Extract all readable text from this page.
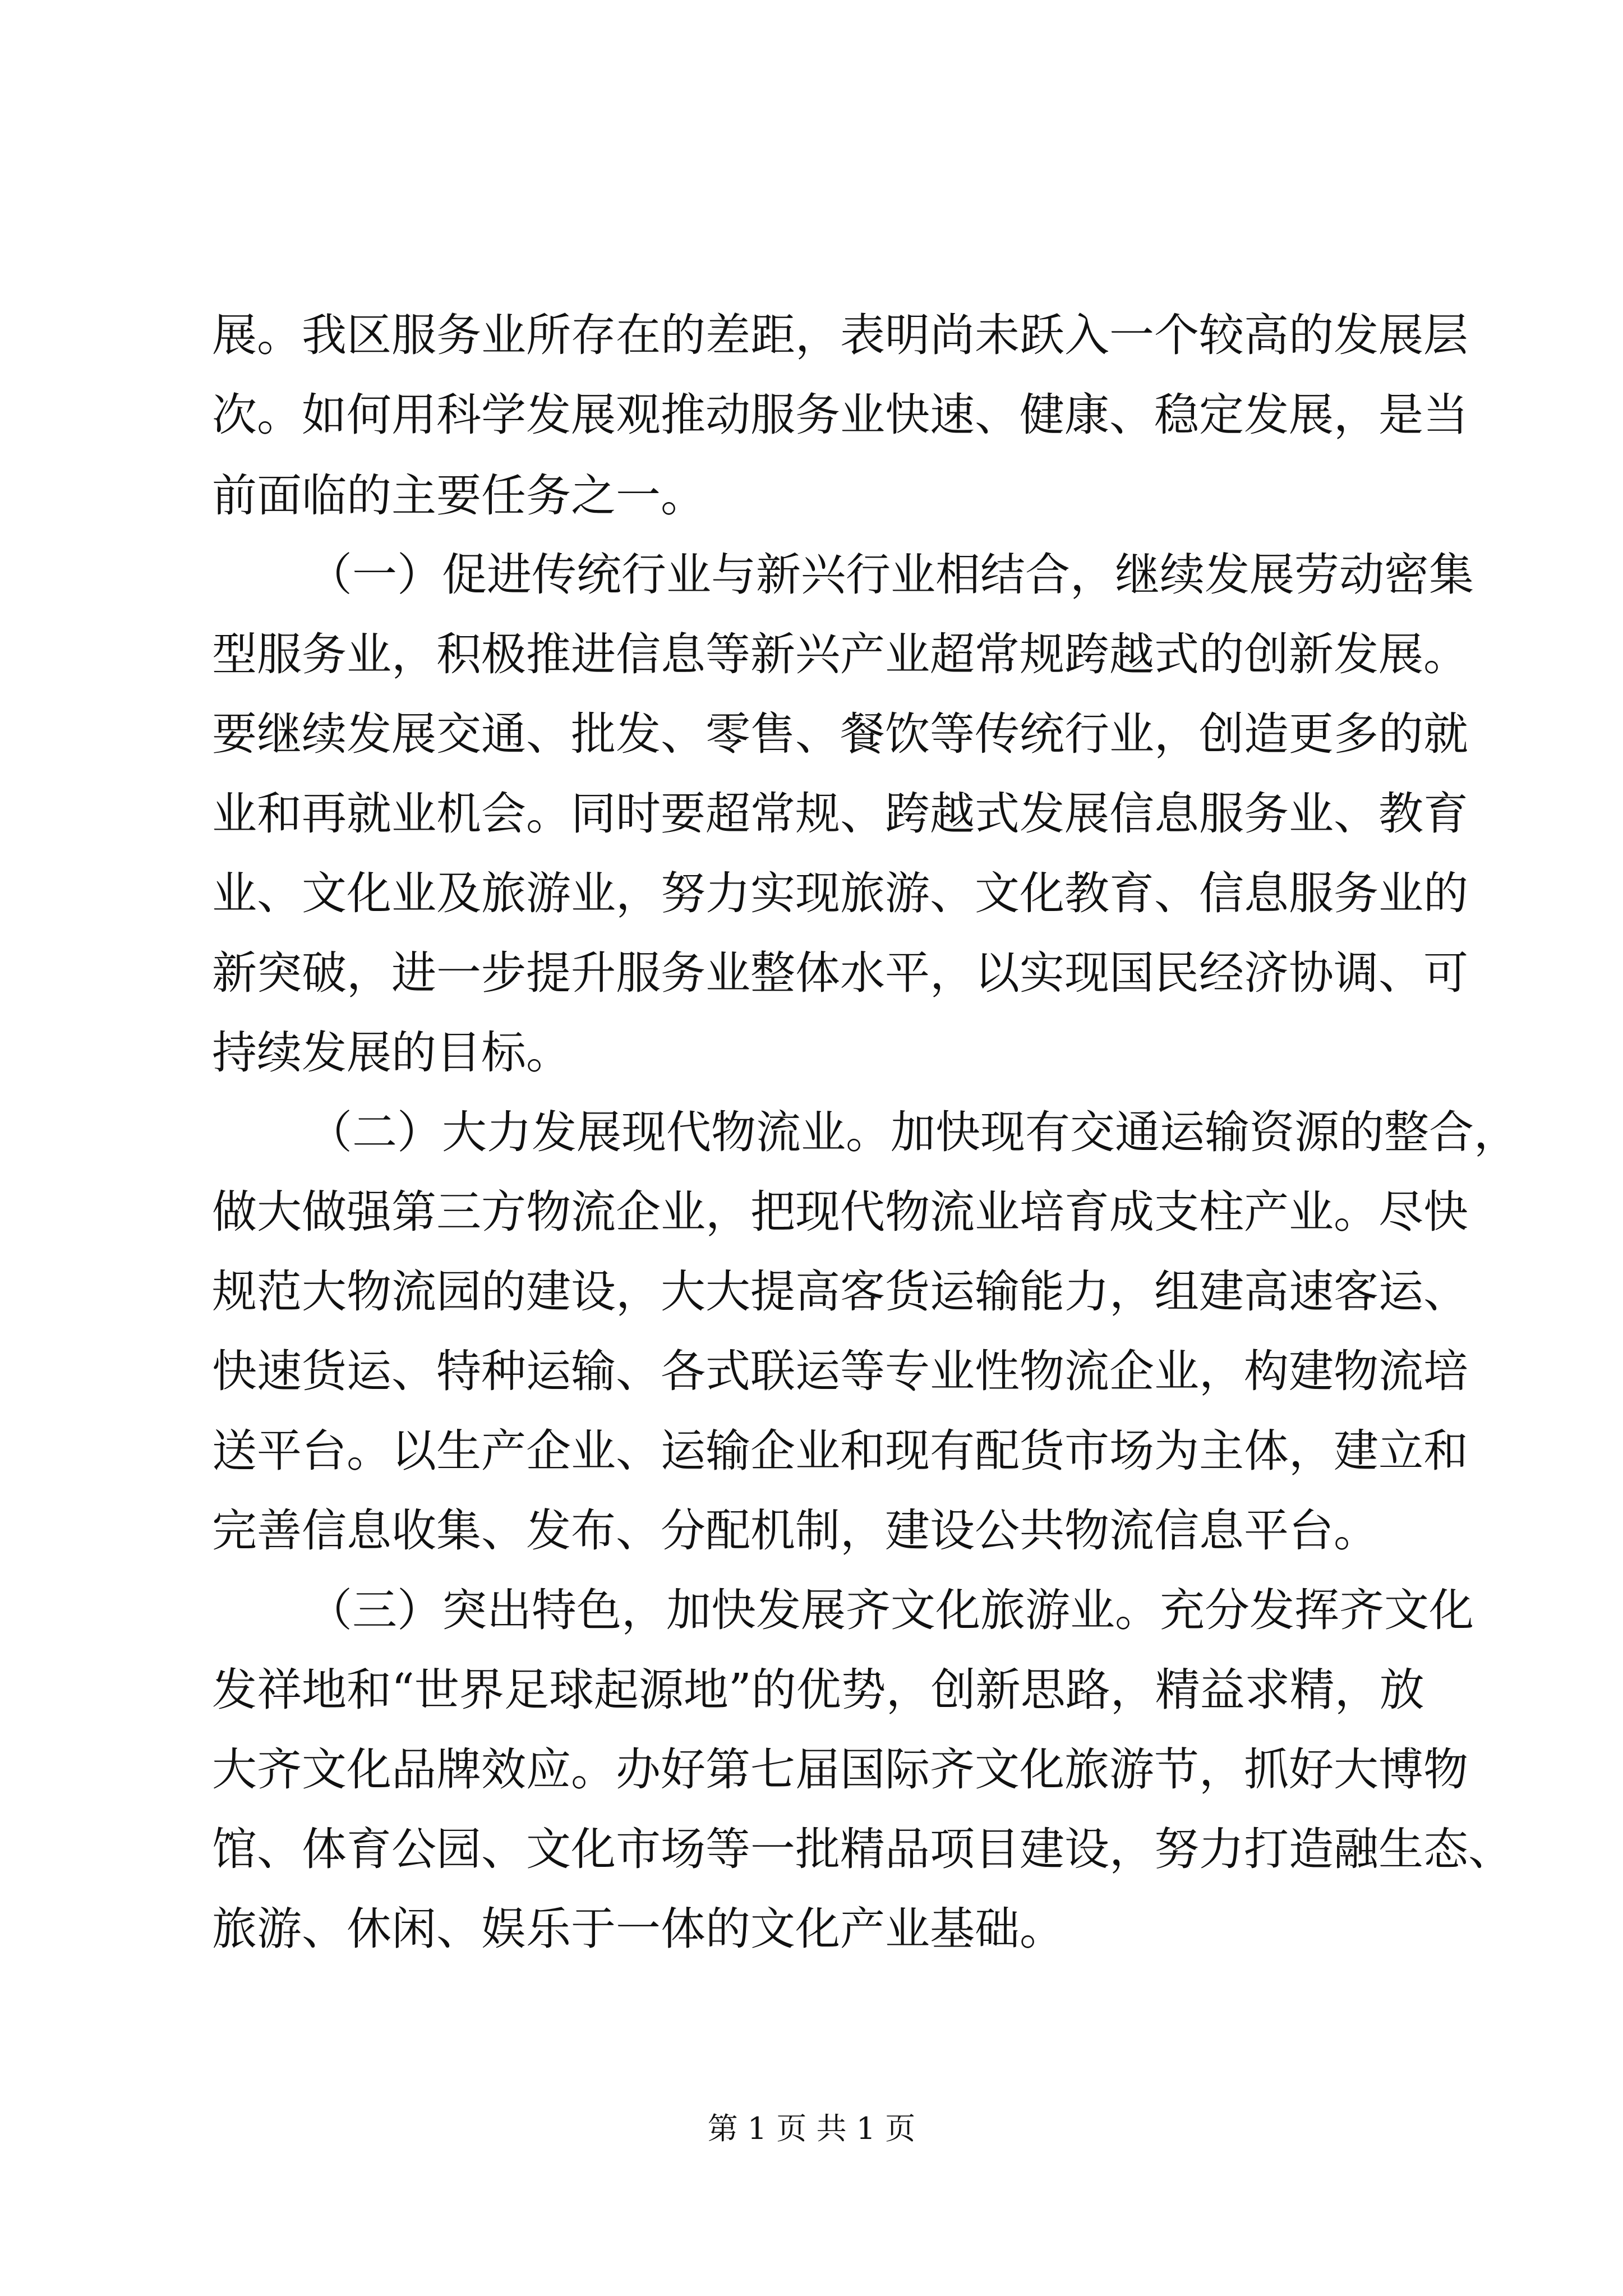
展。我区服务业所存在的差距，表明尚未跃入一个较高的发展层
次。如何用科学发展观推动服务业快速、健康、稳定发展，是当
前面临的主要任务之一。
（一）促进传统行业与新兴行业相结合，继续发展劳动密集
型服务业，积极推进信息等新兴产业超常规跨越式的创新发展。
要继续发展交通、批发、零售、餐饮等传统行业，创造更多的就
业和再就业机会。同时要超常规、跨越式发展信息服务业、教育
业、文化业及旅游业，努力实现旅游、文化教育、信息服务业的
新突破，进一步提升服务业整体水平，以实现国民经济协调、可
持续发展的目标。
（二）大力发展现代物流业。加快现有交通运输资源的整合，
做大做强第三方物流企业，把现代物流业培育成支柱产业。尽快
规范大物流园的建设，大大提高客货运输能力，组建高速客运、
快速货运、特种运输、各式联运等专业性物流企业，构建物流培
送平台。以生产企业、运输企业和现有配货市场为主体，建立和
完善信息收集、发布、分配机制，建设公共物流信息平台。
（三）突出特色，加快发展齐文化旅游业。充分发挥齐文化
发祥地和“世界足球起源地”的优势，创新思路，精益求精，放
大齐文化品牌效应。办好第七届国际齐文化旅游节，抓好大博物
馆、体育公园、文化市场等一批精品项目建设，努力打造融生态、
旅游、休闲、娱乐于一体的文化产业基础。
第 1 页 共 1 页
